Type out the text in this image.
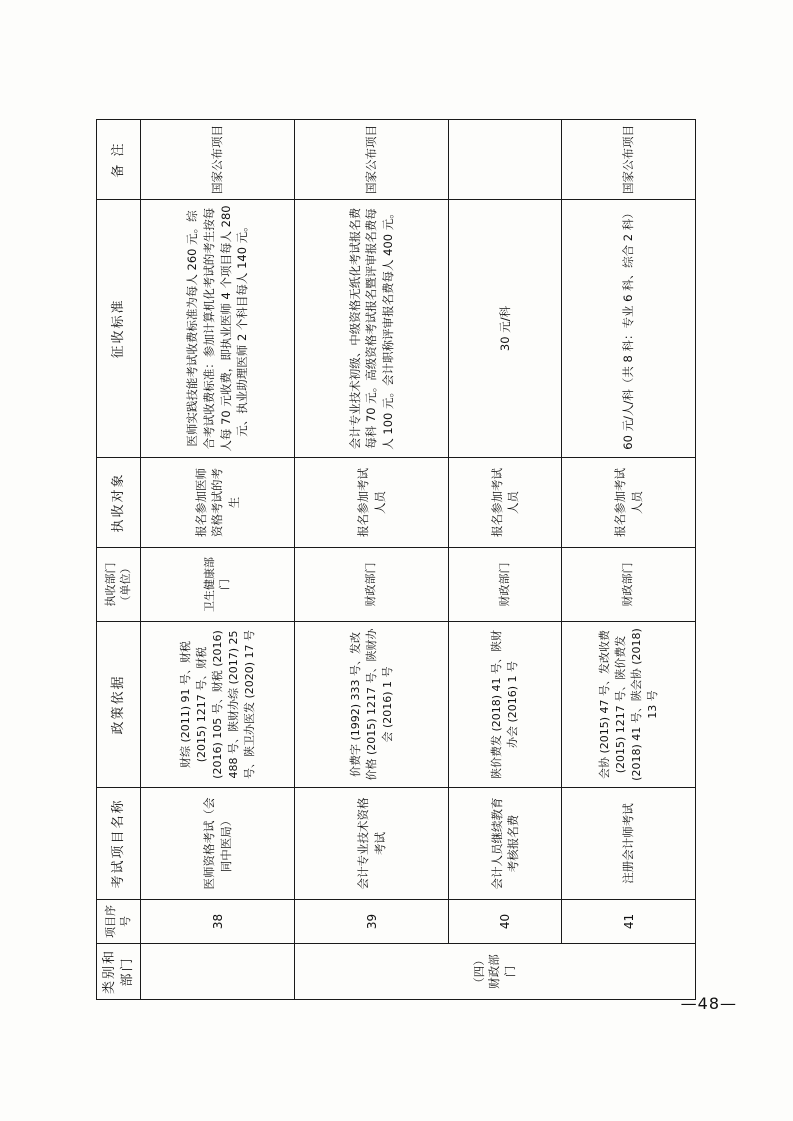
类别和部门	项目序号	考试项目名称	政策依据	执收部门（单位）	执收对象	征收标准	备 注
	38	医师资格考试（会同中医局）	财综 (2011) 91 号、财税 (2015) 1217 号、财税 (2016) 105 号、财税 (2016) 488 号、陕财办综 (2017) 25 号、陕卫办医发 (2020) 17 号	卫生健康部门	报名参加医师资格考试的考生	医师实践技能考试收费标准为每人 260 元。综合考试收费标准：参加计算机化考试的考生按每人每 70 元收费，即执业医师 4 个项目每人 280 元、执业助理医师 2 个科目每人 140 元。	国家公布项目
（四）财政部门	39	会计专业技术资格考试	价费字 (1992) 333 号、发改价格 (2015) 1217 号、陕财办会 (2016) 1 号	财政部门	报名参加考试人员	会计专业技术初级、中级资格无纸化考试报名费每科 70 元。高级资格考试报名暨评审报名费每人 100 元。会计职称评审报名费每人 400 元。	国家公布项目
	40	会计人员继续教育考核报名费	陕价费发 (2018) 41 号、陕财办会 (2016) 1 号	财政部门	报名参加考试人员	30 元/科	
	41	注册会计师考试	会协 (2015) 47 号、发改收费 (2015) 1217 号、陕价费发 (2018) 41 号、陕会协 (2018) 13 号	财政部门	报名参加考试人员	60 元/人/科（共 8 科：专业 6 科、综合 2 科）	国家公布项目
—48—
